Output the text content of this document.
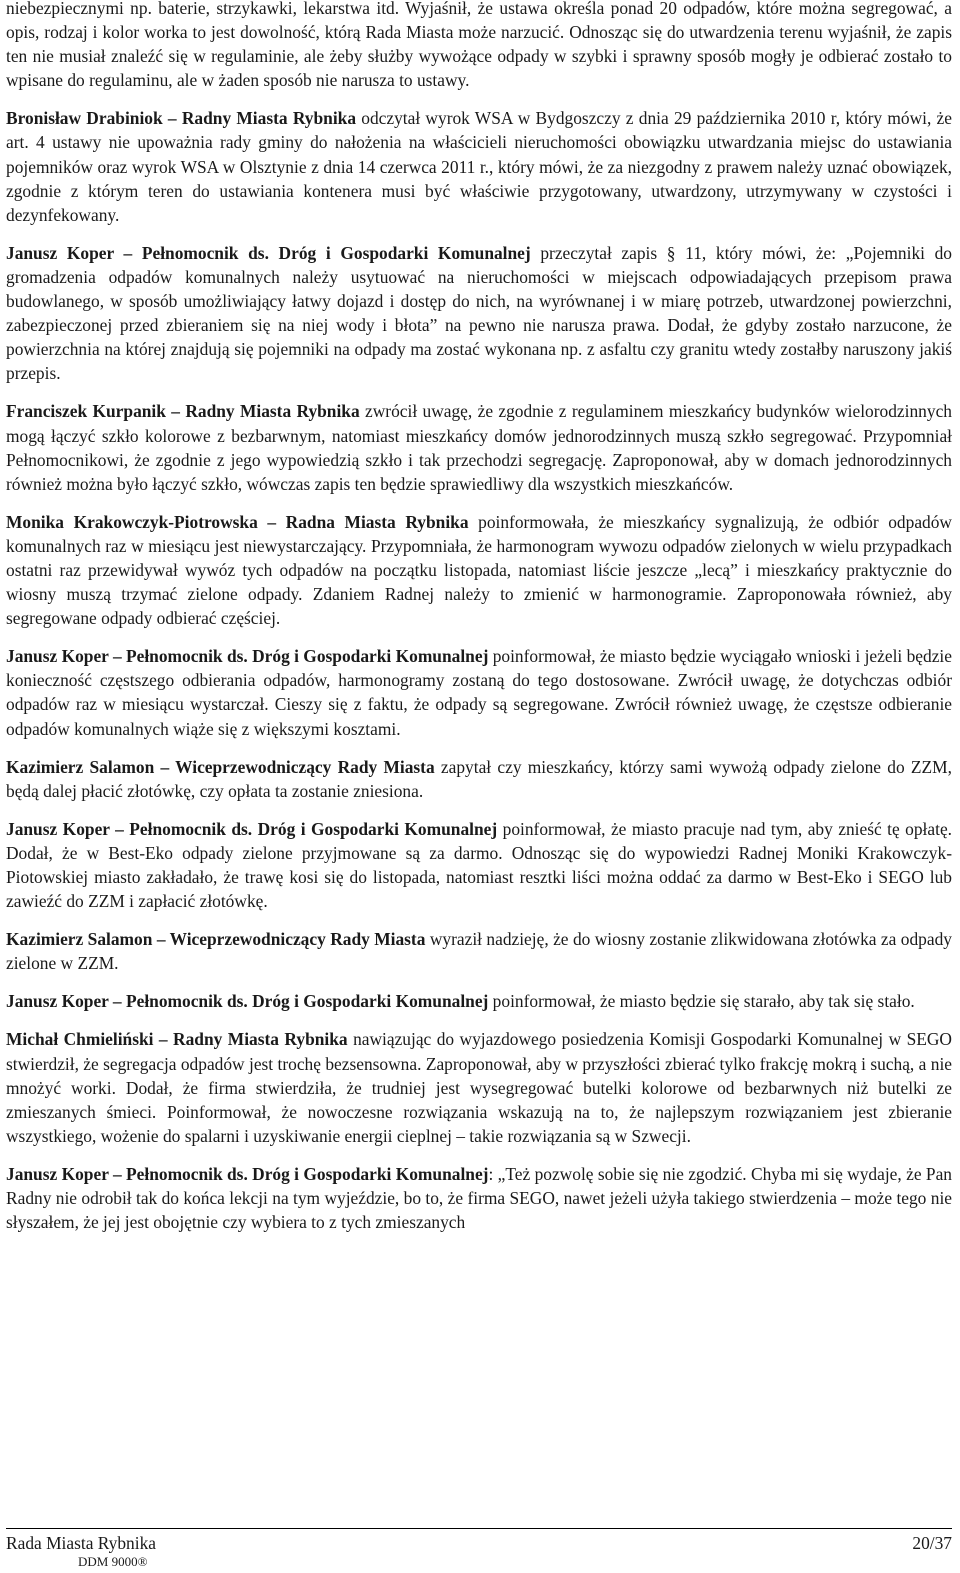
niebezpiecznymi np. baterie, strzykawki, lekarstwa itd. Wyjaśnił, że ustawa określa ponad 20 odpadów, które można segregować, a opis, rodzaj i kolor worka to jest dowolność, którą Rada Miasta może narzucić. Odnosząc się do utwardzenia terenu wyjaśnił, że zapis ten nie musiał znaleźć się w regulaminie, ale żeby służby wywożące odpady w szybki i sprawny sposób mogły je odbierać zostało to wpisane do regulaminu, ale w żaden sposób nie narusza to ustawy.

Bronisław Drabiniok – Radny Miasta Rybnika odczytał wyrok WSA w Bydgoszczy z dnia 29 października 2010 r, który mówi, że art. 4 ustawy nie upoważnia rady gminy do nałożenia na właścicieli nieruchomości obowiązku utwardzania miejsc do ustawiania pojemników oraz wyrok WSA w Olsztynie z dnia 14 czerwca 2011 r., który mówi, że za niezgodny z prawem należy uznać obowiązek, zgodnie z którym teren do ustawiania kontenera musi być właściwie przygotowany, utwardzony, utrzymywany w czystości i dezynfekowany.

Janusz Koper – Pełnomocnik ds. Dróg i Gospodarki Komunalnej przeczytał zapis § 11, który mówi, że: „Pojemniki do gromadzenia odpadów komunalnych należy usytuować na nieruchomości w miejscach odpowiadających przepisom prawa budowlanego, w sposób umożliwiający łatwy dojazd i dostęp do nich, na wyrównanej i w miarę potrzeb, utwardzonej powierzchni, zabezpieczonej przed zbieraniem się na niej wody i błota” na pewno nie narusza prawa. Dodał, że gdyby zostało narzucone, że powierzchnia na której znajdują się pojemniki na odpady ma zostać wykonana np. z asfaltu czy granitu wtedy zostałby naruszony jakiś przepis.

Franciszek Kurpanik – Radny Miasta Rybnika zwrócił uwagę, że zgodnie z regulaminem mieszkańcy budynków wielorodzinnych mogą łączyć szkło kolorowe z bezbarwnym, natomiast mieszkańcy domów jednorodzinnych muszą szkło segregować. Przypomniał Pełnomocnikowi, że zgodnie z jego wypowiedzią szkło i tak przechodzi segregację. Zaproponował, aby w domach jednorodzinnych również można było łączyć szkło, wówczas zapis ten będzie sprawiedliwy dla wszystkich mieszkańców.

Monika Krakowczyk-Piotrowska – Radna Miasta Rybnika poinformowała, że mieszkańcy sygnalizują, że odbiór odpadów komunalnych raz w miesiącu jest niewystarczający. Przypomniała, że harmonogram wywozu odpadów zielonych w wielu przypadkach ostatni raz przewidywał wywóz tych odpadów na początku listopada, natomiast liście jeszcze „lecą” i mieszkańcy praktycznie do wiosny muszą trzymać zielone odpady. Zdaniem Radnej należy to zmienić w harmonogramie. Zaproponowała również, aby segregowane odpady odbierać częściej.

Janusz Koper – Pełnomocnik ds. Dróg i Gospodarki Komunalnej poinformował, że miasto będzie wyciągało wnioski i jeżeli będzie konieczność częstszego odbierania odpadów, harmonogramy zostaną do tego dostosowane. Zwrócił uwagę, że dotychczas odbiór odpadów raz w miesiącu wystarczał. Cieszy się z faktu, że odpady są segregowane. Zwrócił również uwagę, że częstsze odbieranie odpadów komunalnych wiąże się z większymi kosztami.

Kazimierz Salamon – Wiceprzewodniczący Rady Miasta zapytał czy mieszkańcy, którzy sami wywożą odpady zielone do ZZM, będą dalej płacić złotówkę, czy opłata ta zostanie zniesiona.

Janusz Koper – Pełnomocnik ds. Dróg i Gospodarki Komunalnej poinformował, że miasto pracuje nad tym, aby znieść tę opłatę. Dodał, że w Best-Eko odpady zielone przyjmowane są za darmo. Odnosząc się do wypowiedzi Radnej Moniki Krakowczyk-Piotowskiej miasto zakładało, że trawę kosi się do listopada, natomiast resztki liści można oddać za darmo w Best-Eko i SEGO lub zawieźć do ZZM i zapłacić złotówkę.

Kazimierz Salamon – Wiceprzewodniczący Rady Miasta wyraził nadzieję, że do wiosny zostanie zlikwidowana złotówka za odpady zielone w ZZM.

Janusz Koper – Pełnomocnik ds. Dróg i Gospodarki Komunalnej poinformował, że miasto będzie się starało, aby tak się stało.

Michał Chmieliński – Radny Miasta Rybnika nawiązując do wyjazdowego posiedzenia Komisji Gospodarki Komunalnej w SEGO stwierdził, że segregacja odpadów jest trochę bezsensowna. Zaproponował, aby w przyszłości zbierać tylko frakcję mokrą i suchą, a nie mnożyć worki. Dodał, że firma stwierdziła, że trudniej jest wysegregować butelki kolorowe od bezbarwnych niż butelki ze zmieszanych śmieci. Poinformował, że nowoczesne rozwiązania wskazują na to, że najlepszym rozwiązaniem jest zbieranie wszystkiego, wożenie do spalarni i uzyskiwanie energii cieplnej – takie rozwiązania są w Szwecji.

Janusz Koper – Pełnomocnik ds. Dróg i Gospodarki Komunalnej: „Też pozwolę sobie się nie zgodzić. Chyba mi się wydaje, że Pan Radny nie odrobił tak do końca lekcji na tym wyjeździe, bo to, że firma SEGO, nawet jeżeli użyła takiego stwierdzenia – może tego nie słyszałem, że jej jest obojętnie czy wybiera to z tych zmieszanych

Rada Miasta Rybnika	20/37
DDM 9000®
